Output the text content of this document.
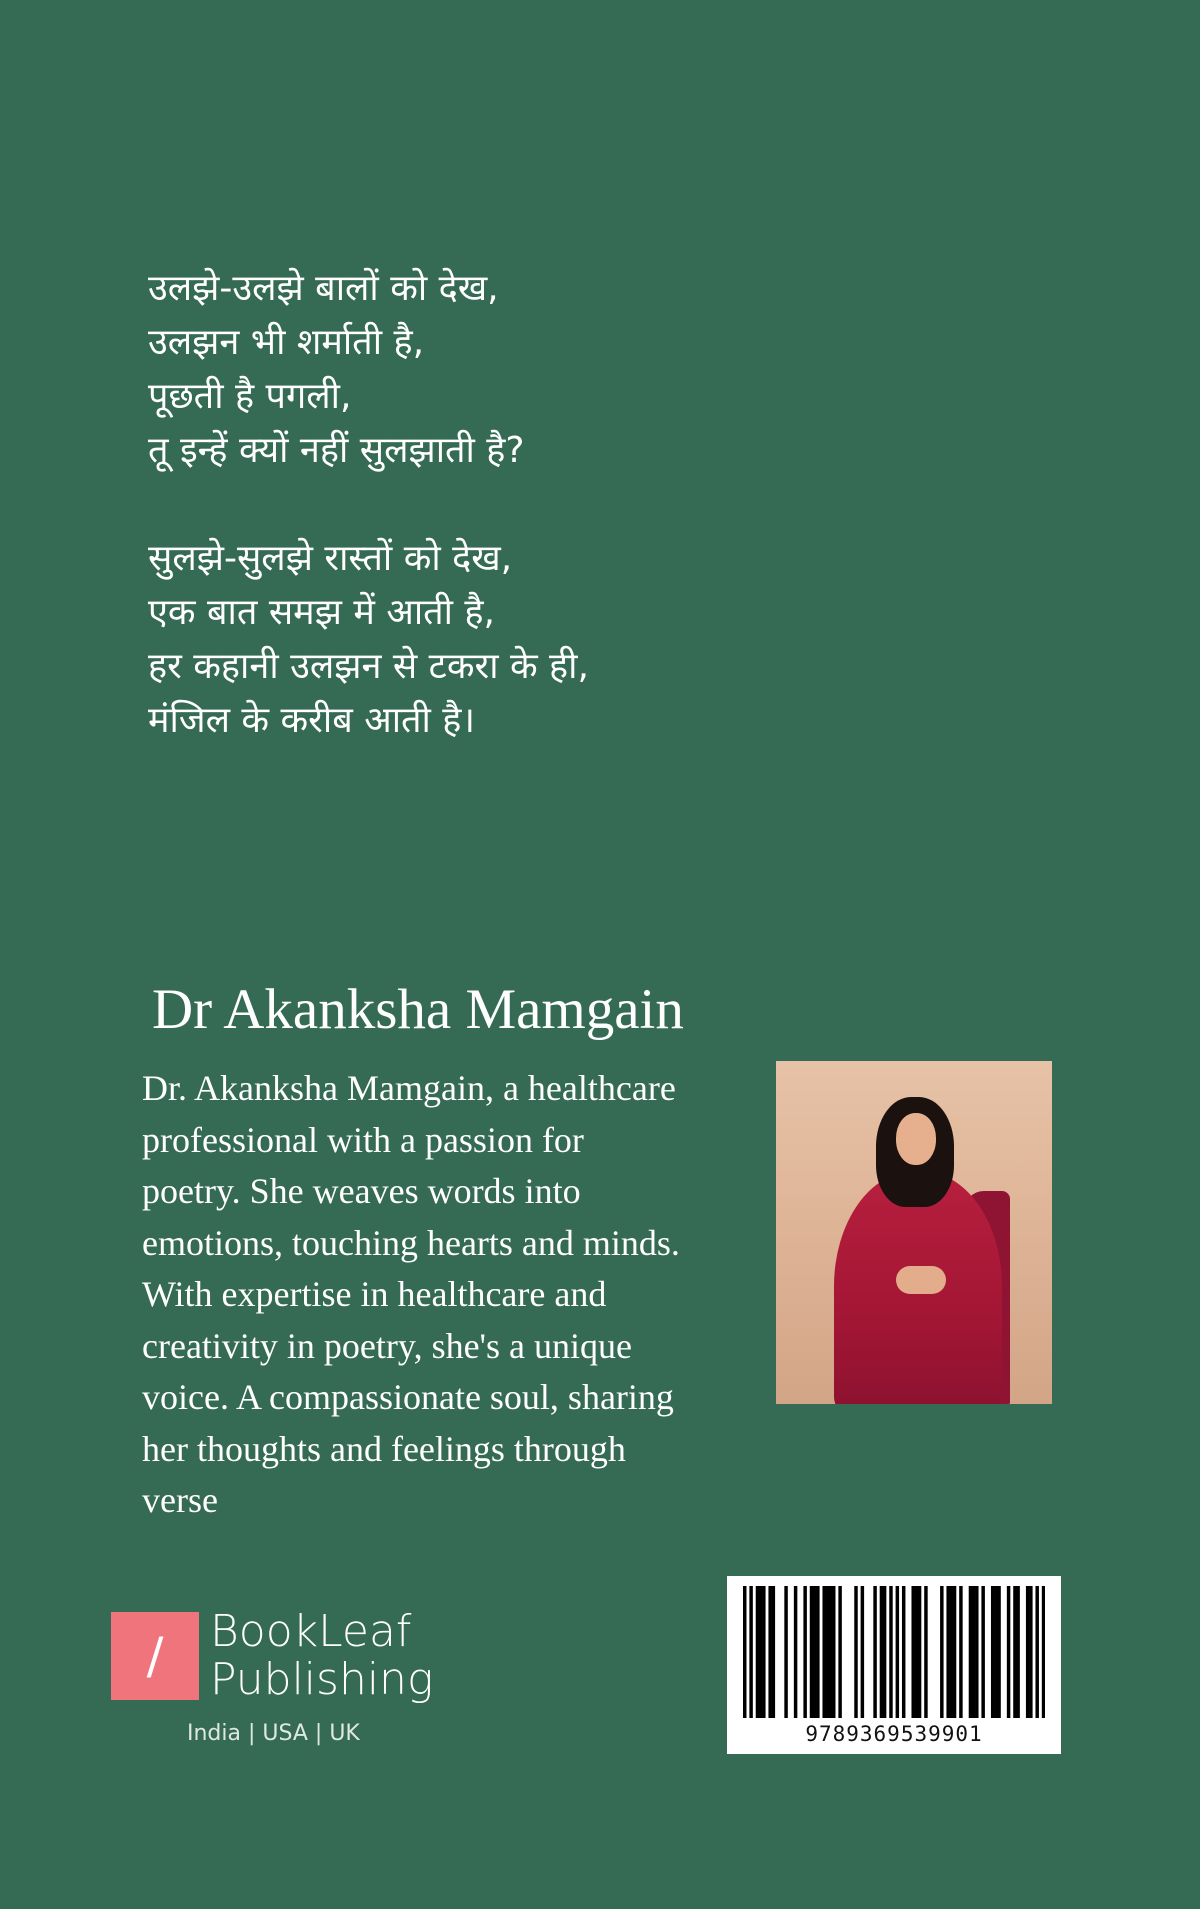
उलझे-उलझे बालों को देख,
उलझन भी शर्माती है,
पूछती है पगली,
तू इन्हें क्यों नहीं सुलझाती है?
सुलझे-सुलझे रास्तों को देख,
एक बात समझ में आती है,
हर कहानी उलझन से टकरा के ही,
मंजिल के करीब आती है।
Dr Akanksha Mamgain
Dr. Akanksha Mamgain, a healthcare
professional with a passion for
poetry. She weaves words into
emotions, touching hearts and minds.
With expertise in healthcare and
creativity in poetry, she's a unique
voice. A compassionate soul, sharing
her thoughts and feelings through
verse
/	BookLeaf
Publishing
India | USA | UK	9789369539901
